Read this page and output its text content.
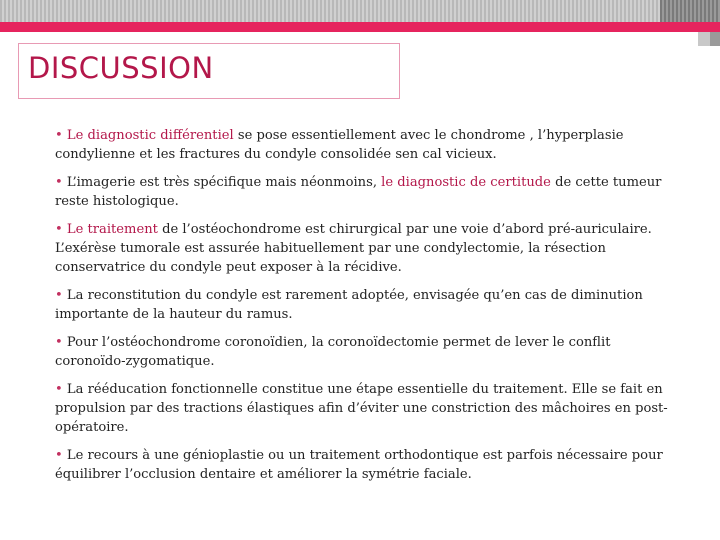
DISCUSSION

• Le diagnostic différentiel se pose essentiellement avec le chondrome , l’hyperplasie condylienne et les fractures du condyle consolidée sen cal vicieux.

• L’imagerie est très spécifique mais néonmoins, le diagnostic de certitude de cette tumeur reste histologique.

• Le traitement de l’ostéochondrome est chirurgical par une voie d’abord pré-auriculaire. L’exérèse tumorale est assurée habituellement par une condylectomie, la résection conservatrice du condyle peut exposer à la récidive.

• La reconstitution du condyle est rarement adoptée, envisagée qu’en cas de diminution importante de la hauteur du ramus.

• Pour l’ostéochondrome coronoïdien, la coronoïdectomie permet de lever le conflit coronoïdo-zygomatique.

• La rééducation fonctionnelle constitue une étape essentielle du traitement. Elle se fait en propulsion par des tractions élastiques afin d’éviter une constriction des mâchoires en post-opératoire.

• Le recours à une génioplastie ou un traitement orthodontique est parfois nécessaire pour équilibrer l’occlusion dentaire et améliorer la symétrie faciale.
